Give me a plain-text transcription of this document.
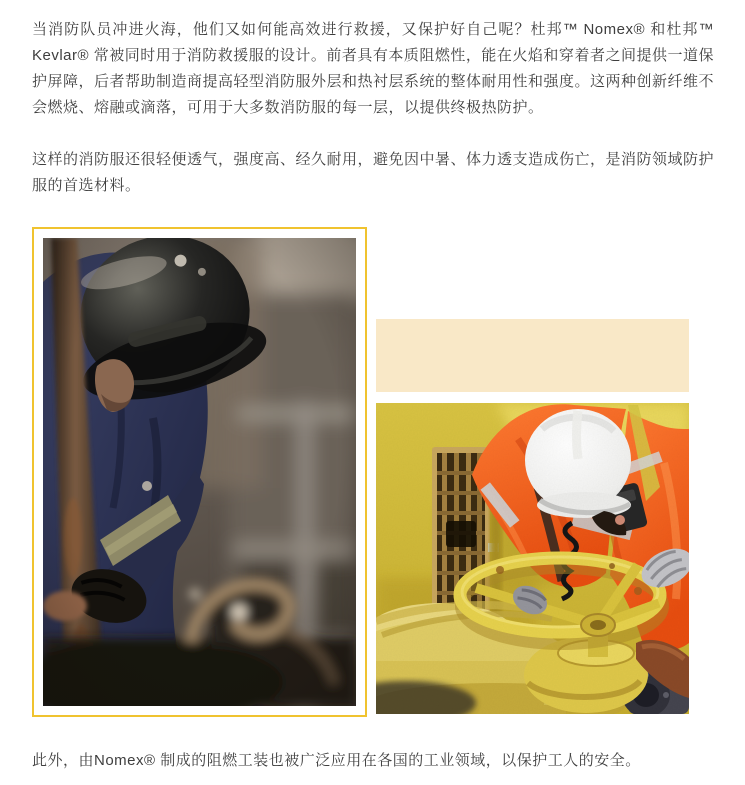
当消防队员冲进火海，他们又如何能高效进行救援，又保护好自己呢？杜邦™ Nomex® 和杜邦™ Kevlar® 常被同时用于消防救援服的设计。前者具有本质阻燃性，能在火焰和穿着者之间提供一道保护屏障，后者帮助制造商提高轻型消防服外层和热衬层系统的整体耐用性和强度。这两种创新纤维不会燃烧、熔融或滴落，可用于大多数消防服的每一层，以提供终极热防护。

这样的消防服还很轻便透气，强度高、经久耐用，避免因中暑、体力透支造成伤亡，是消防领域防护服的首选材料。

此外，由Nomex® 制成的阻燃工装也被广泛应用在各国的工业领域，以保护工人的安全。
